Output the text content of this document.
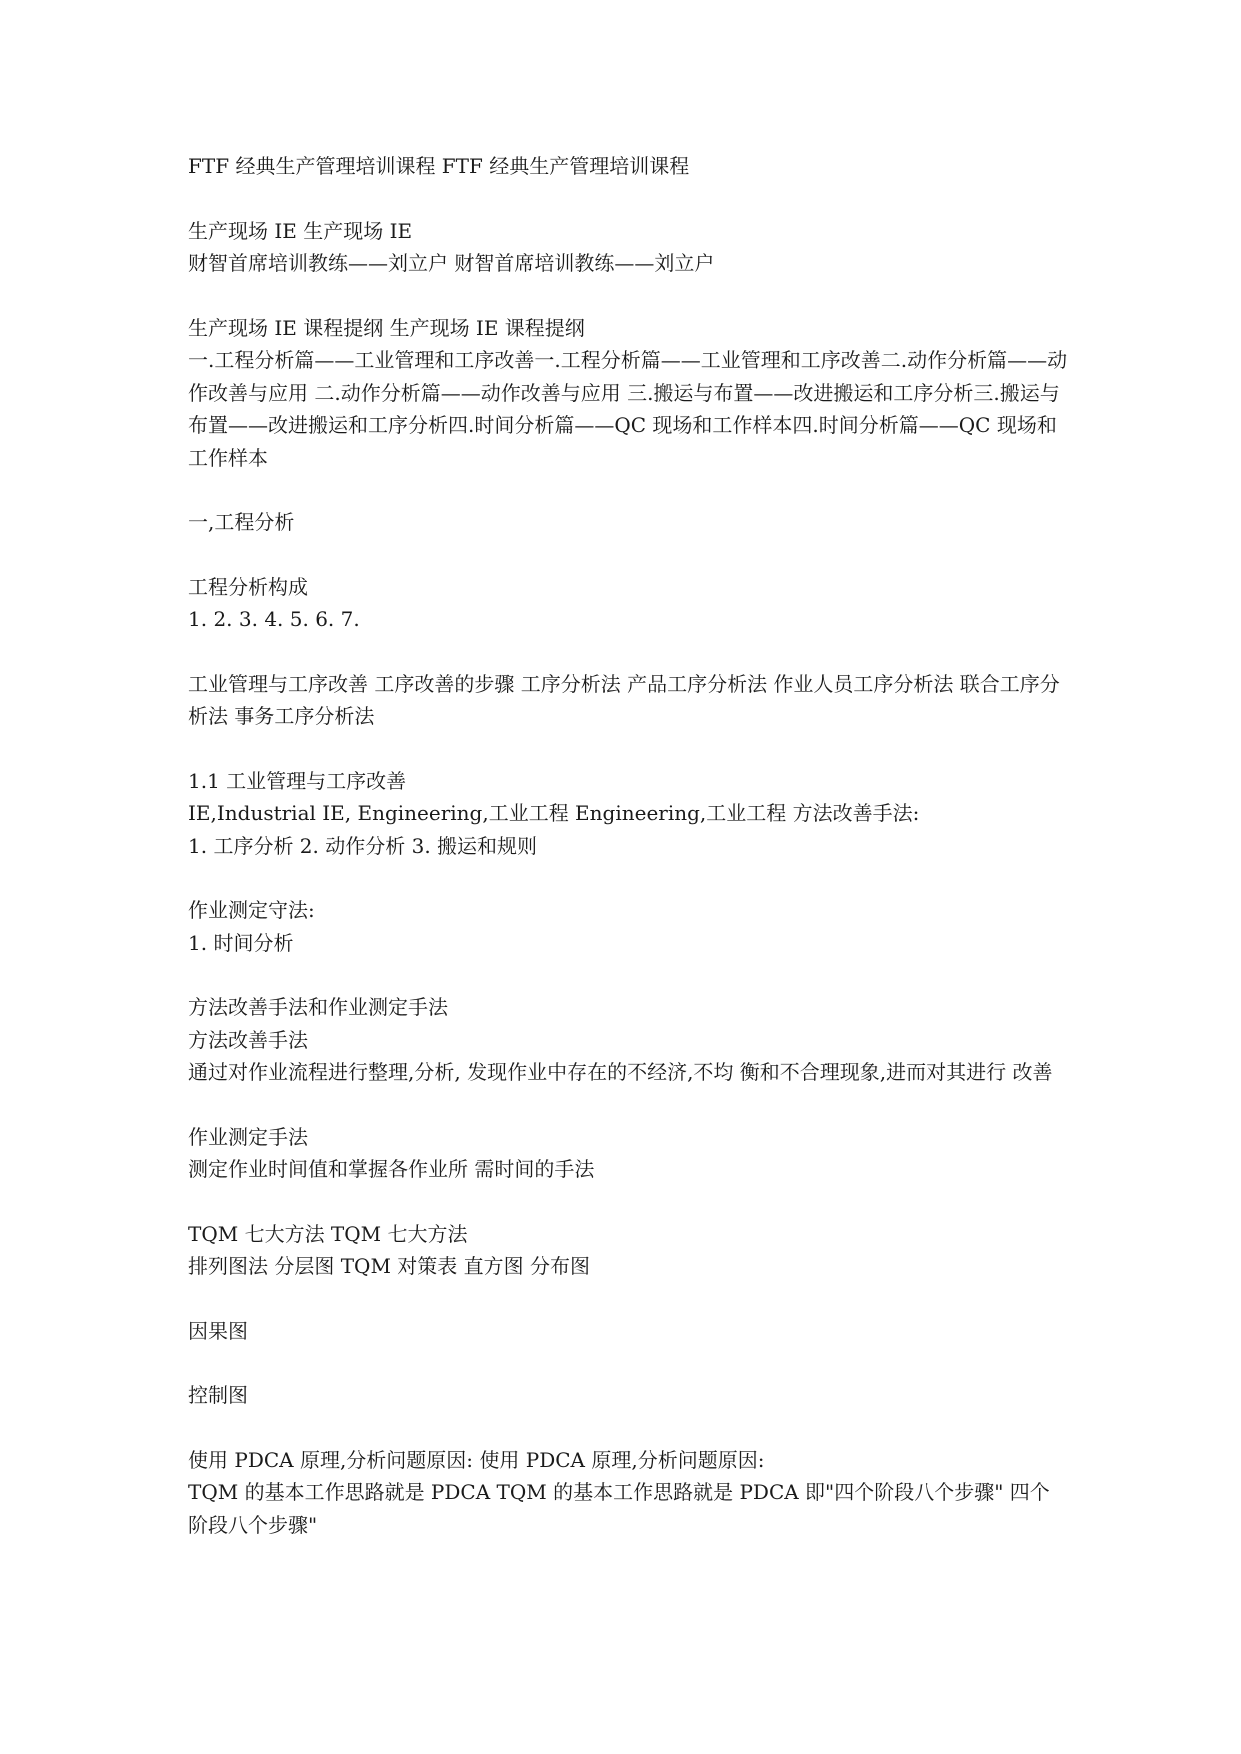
FTF 经典生产管理培训课程 FTF 经典生产管理培训课程
生产现场 IE 生产现场 IE
财智首席培训教练——刘立户 财智首席培训教练——刘立户
生产现场 IE 课程提纲 生产现场 IE 课程提纲
一.工程分析篇——工业管理和工序改善一.工程分析篇——工业管理和工序改善二.动作分析篇——动作改善与应用 二.动作分析篇——动作改善与应用 三.搬运与布置——改进搬运和工序分析三.搬运与布置——改进搬运和工序分析四.时间分析篇——QC 现场和工作样本四.时间分析篇——QC 现场和工作样本
一,工程分析
工程分析构成
1. 2. 3. 4. 5. 6. 7.
工业管理与工序改善 工序改善的步骤 工序分析法 产品工序分析法 作业人员工序分析法 联合工序分析法 事务工序分析法
1.1 工业管理与工序改善
IE,Industrial IE, Engineering,工业工程 Engineering,工业工程 方法改善手法:
1. 工序分析 2. 动作分析 3. 搬运和规则
作业测定守法:
1. 时间分析
方法改善手法和作业测定手法
方法改善手法
通过对作业流程进行整理,分析, 发现作业中存在的不经济,不均 衡和不合理现象,进而对其进行 改善
作业测定手法
测定作业时间值和掌握各作业所 需时间的手法
TQM 七大方法 TQM 七大方法
排列图法 分层图 TQM 对策表 直方图 分布图
因果图
控制图
使用 PDCA 原理,分析问题原因: 使用 PDCA 原理,分析问题原因:
TQM 的基本工作思路就是 PDCA TQM 的基本工作思路就是 PDCA 即"四个阶段八个步骤" 四个阶段八个步骤"
